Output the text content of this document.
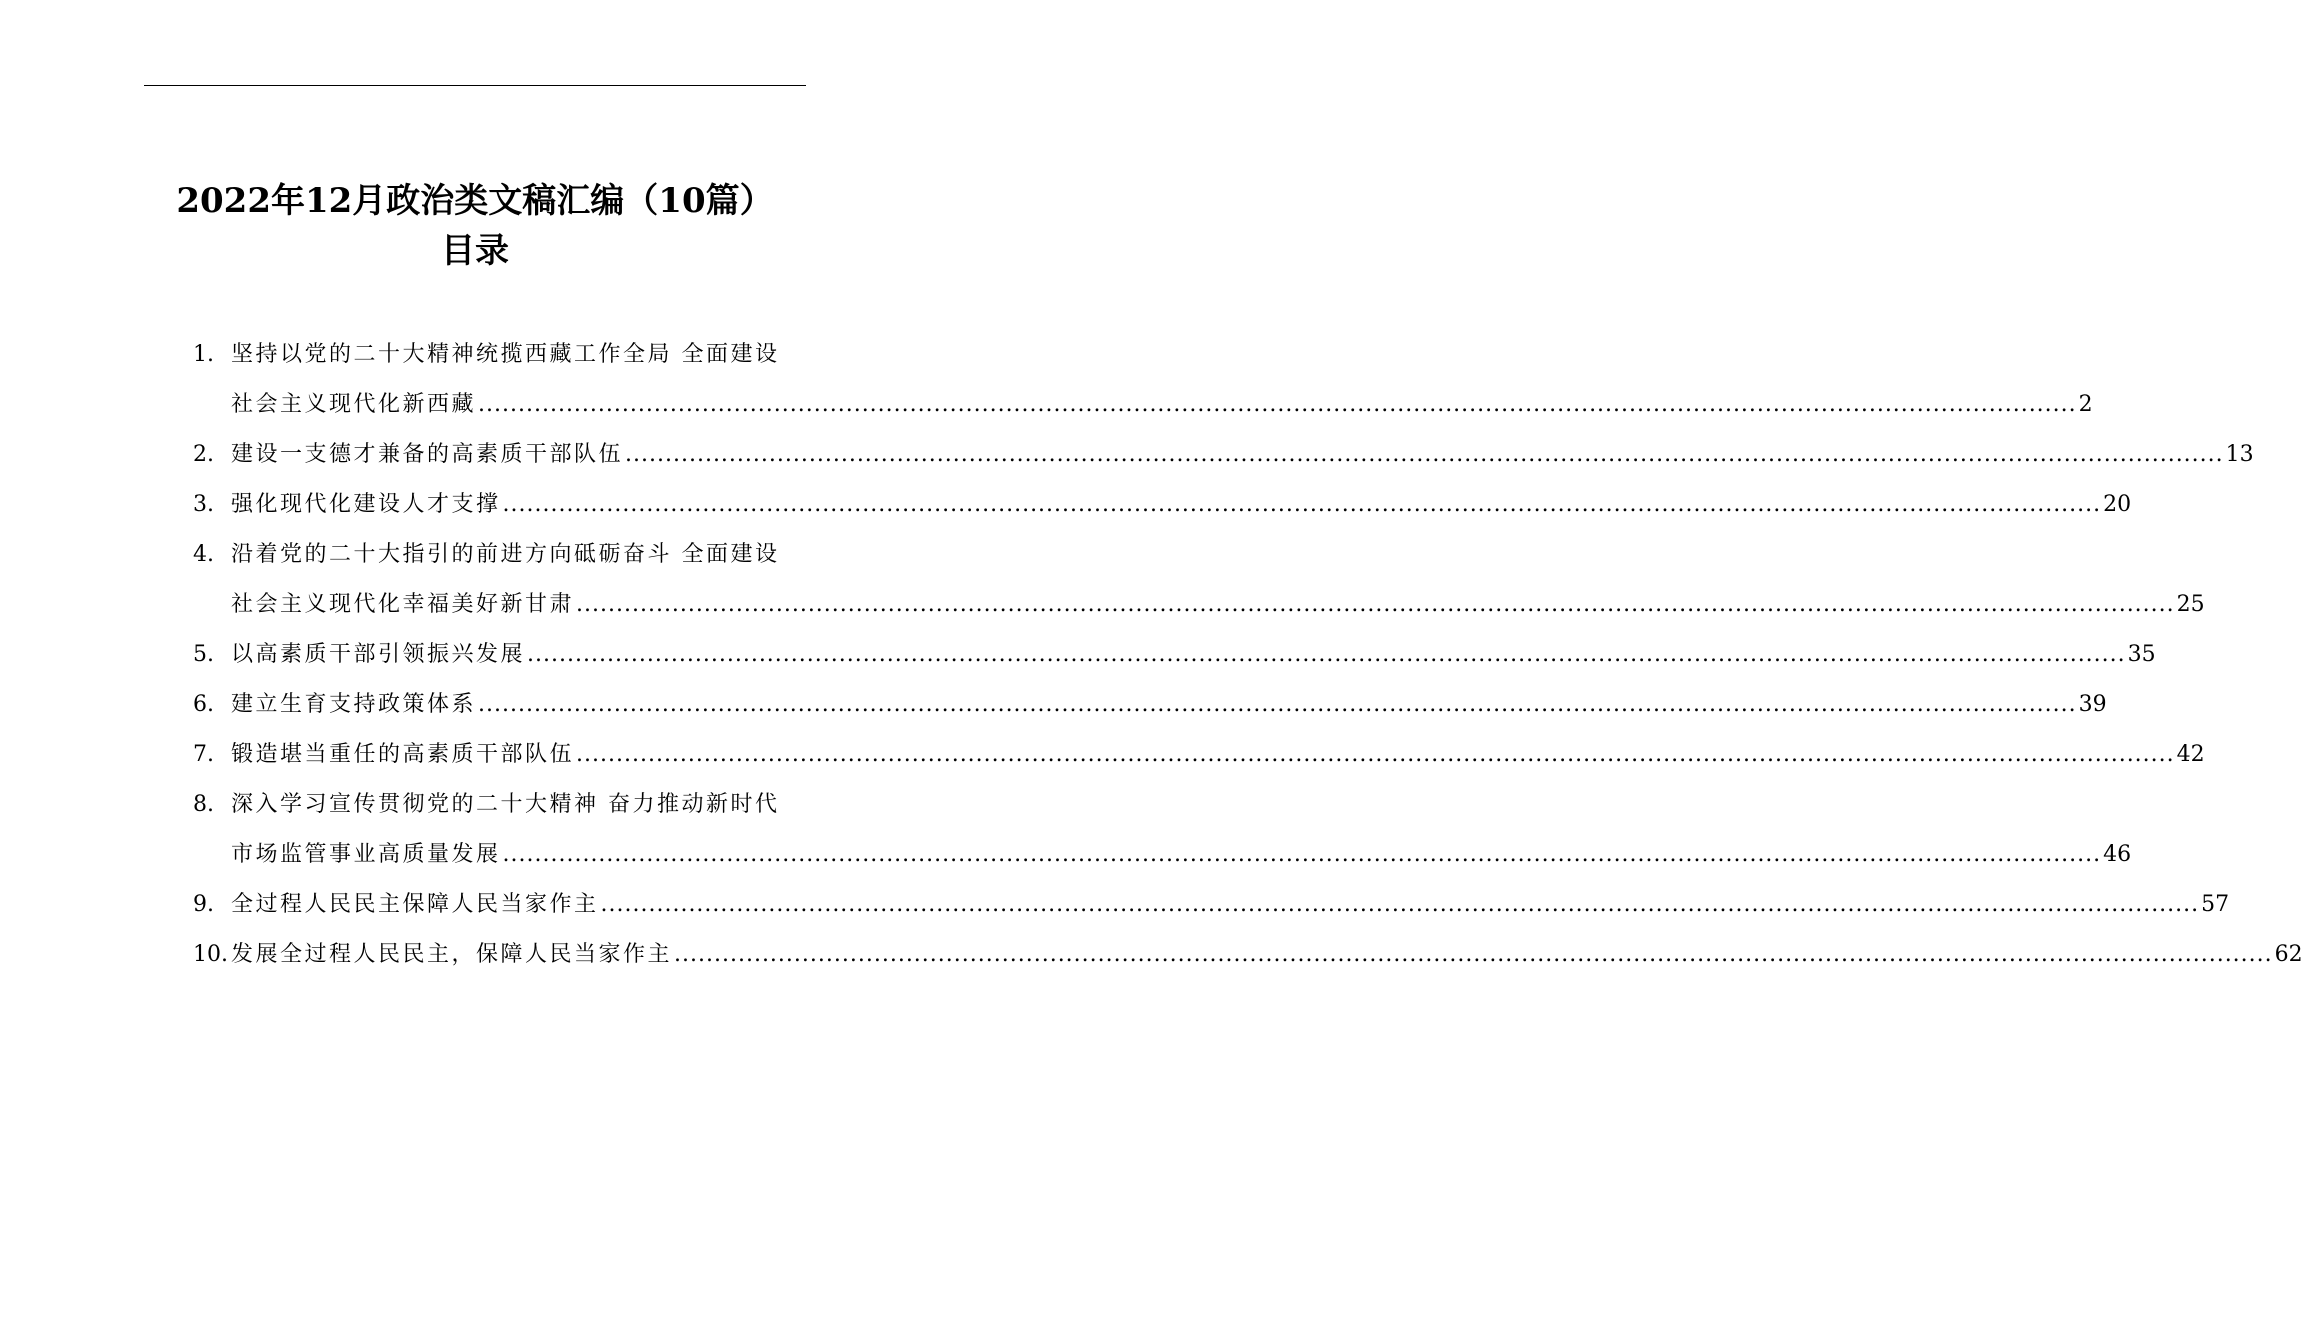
2022年12月政治类文稿汇编（10篇）
目录
1. 坚持以党的二十大精神统揽西藏工作全局 全面建设
社会主义现代化新西藏 ........................................................................................................................................................................................................ 2
2. 建设一支德才兼备的高素质干部队伍 ........................................................................................................................................................................................................ 13
3. 强化现代化建设人才支撑 ........................................................................................................................................................................................................ 20
4. 沿着党的二十大指引的前进方向砥砺奋斗 全面建设
社会主义现代化幸福美好新甘肃 ........................................................................................................................................................................................................ 25
5. 以高素质干部引领振兴发展 ........................................................................................................................................................................................................ 35
6. 建立生育支持政策体系 ........................................................................................................................................................................................................ 39
7. 锻造堪当重任的高素质干部队伍 ........................................................................................................................................................................................................ 42
8. 深入学习宣传贯彻党的二十大精神 奋力推动新时代
市场监管事业高质量发展 ........................................................................................................................................................................................................ 46
9. 全过程人民民主保障人民当家作主 ........................................................................................................................................................................................................ 57
10. 发展全过程人民民主，保障人民当家作主 ........................................................................................................................................................................................................ 62
